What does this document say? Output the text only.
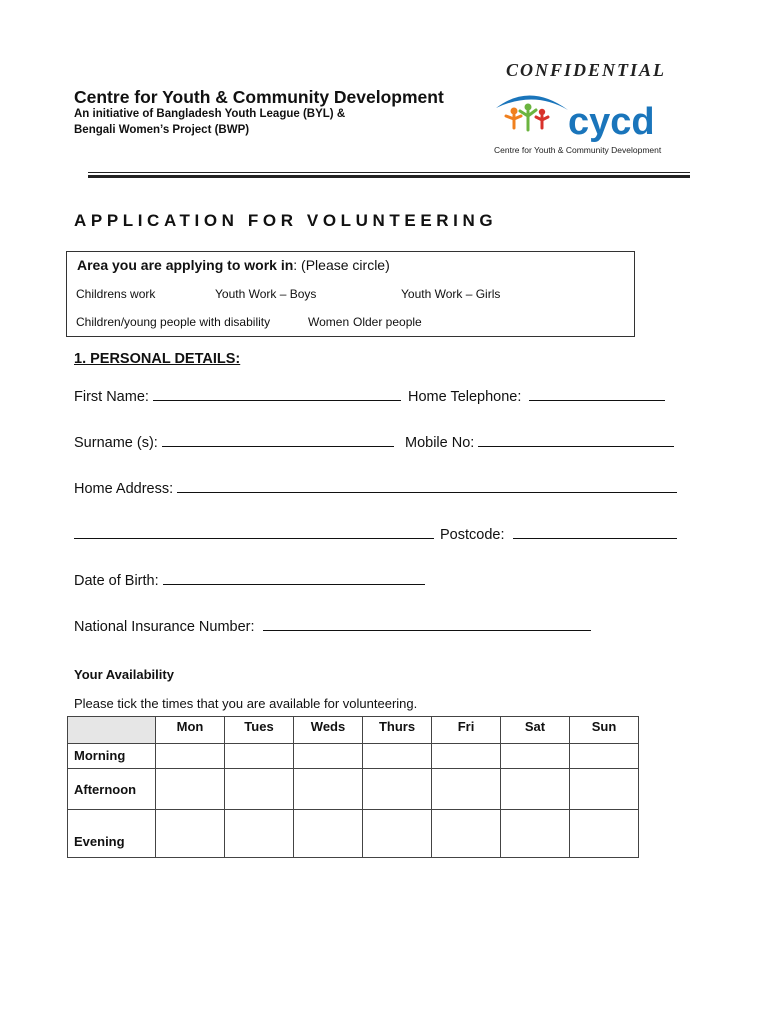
CONFIDENTIAL
Centre for Youth & Community Development
An initiative of Bangladesh Youth League (BYL) &
Bengali Women’s Project (BWP)	cycd
Centre for Youth & Community Development
APPLICATION FOR VOLUNTEERING
Area you are applying to work in: (Please circle)
Childrens work	Youth Work – Boys	Youth Work – Girls
Children/young people with disability	Women Older people
1. PERSONAL DETAILS:
First Name:	Home Telephone:
Surname (s):	Mobile No:
Home Address:
Postcode:
Date of Birth:
National Insurance Number:
Your Availability
Please tick the times that you are available for volunteering.
	Mon	Tues	Weds	Thurs	Fri	Sat	Sun
Morning							
Afternoon							
Evening							
